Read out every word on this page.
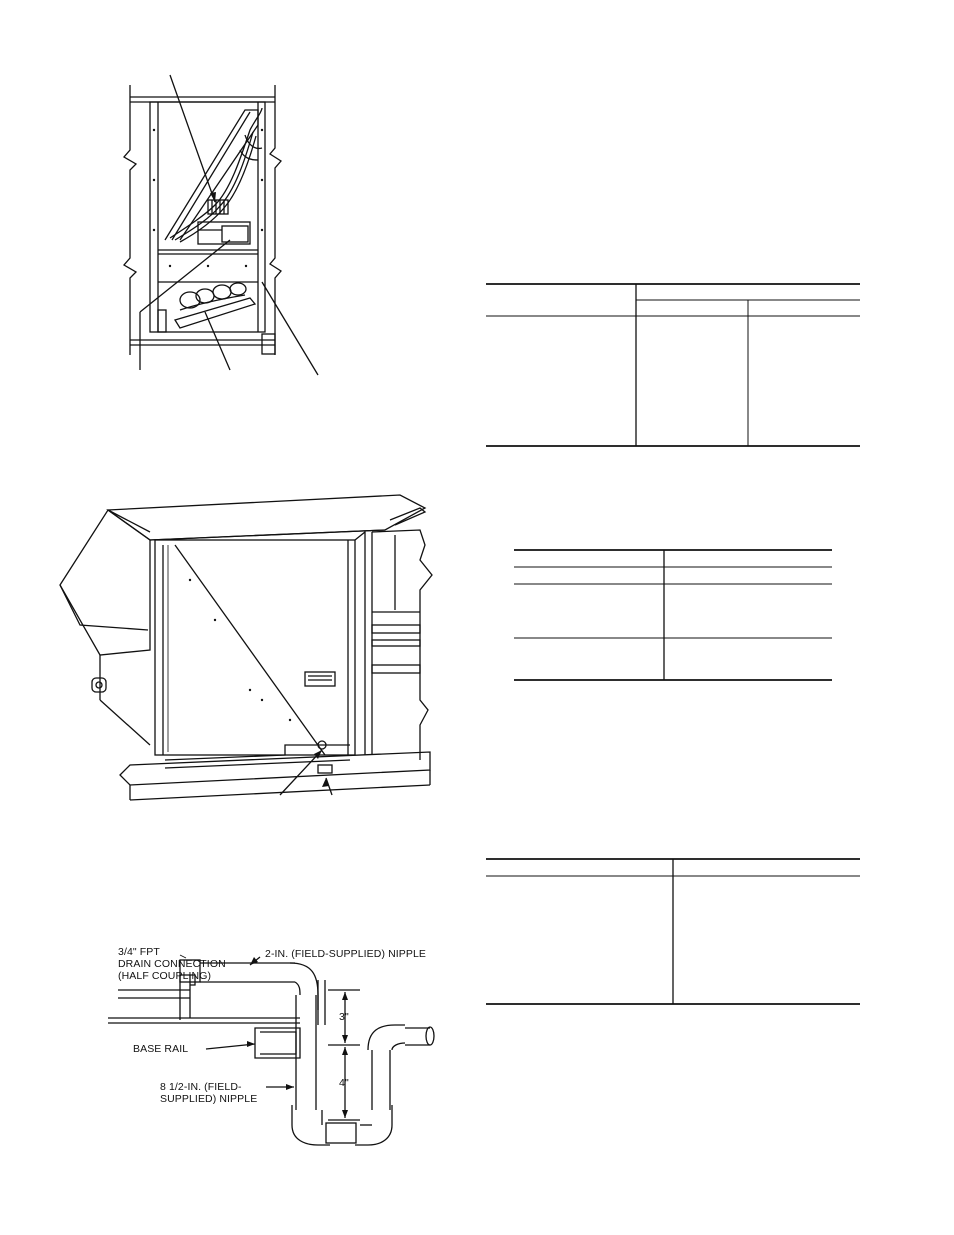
3/4" FPT
DRAIN CONNECTION
(HALF COUPLING)
2-IN. (FIELD-SUPPLIED) NIPPLE
BASE RAIL
8 1/2-IN. (FIELD-
SUPPLIED) NIPPLE
3"
4"
